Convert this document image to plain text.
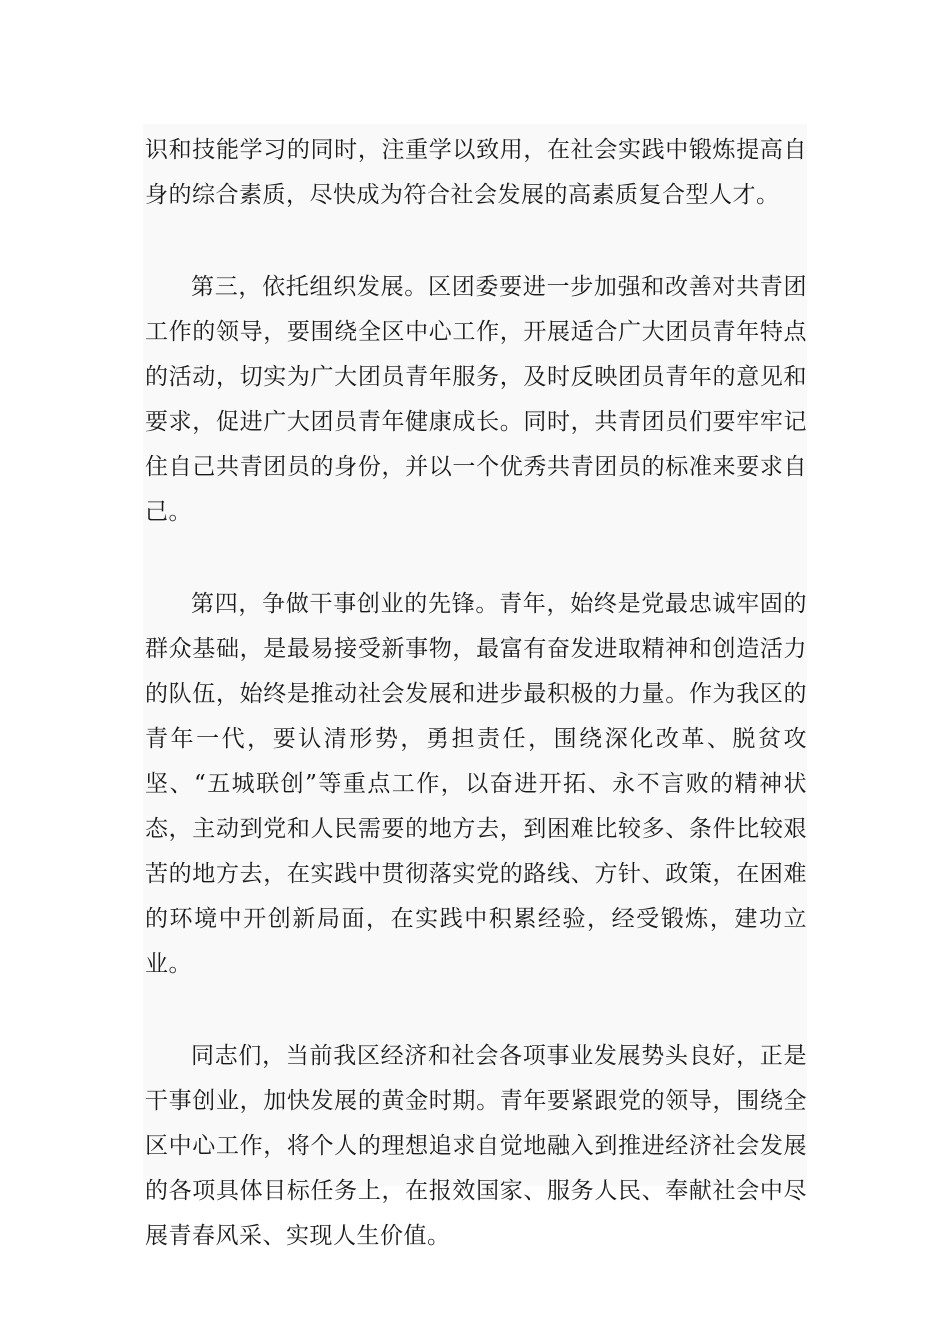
识和技能学习的同时，注重学以致用，在社会实践中锻炼提高自身的综合素质，尽快成为符合社会发展的高素质复合型人才。

第三，依托组织发展。区团委要进一步加强和改善对共青团工作的领导，要围绕全区中心工作，开展适合广大团员青年特点的活动，切实为广大团员青年服务，及时反映团员青年的意见和要求，促进广大团员青年健康成长。同时，共青团员们要牢牢记住自己共青团员的身份，并以一个优秀共青团员的标准来要求自己。

第四，争做干事创业的先锋。青年，始终是党最忠诚牢固的群众基础，是最易接受新事物，最富有奋发进取精神和创造活力的队伍，始终是推动社会发展和进步最积极的力量。作为我区的青年一代，要认清形势，勇担责任，围绕深化改革、脱贫攻坚、“五城联创”等重点工作，以奋进开拓、永不言败的精神状态，主动到党和人民需要的地方去，到困难比较多、条件比较艰苦的地方去，在实践中贯彻落实党的路线、方针、政策，在困难的环境中开创新局面，在实践中积累经验，经受锻炼，建功立业。

同志们，当前我区经济和社会各项事业发展势头良好，正是干事创业，加快发展的黄金时期。青年要紧跟党的领导，围绕全区中心工作，将个人的理想追求自觉地融入到推进经济社会发展的各项具体目标任务上，在报效国家、服务人民、奉献社会中尽展青春风采、实现人生价值。
